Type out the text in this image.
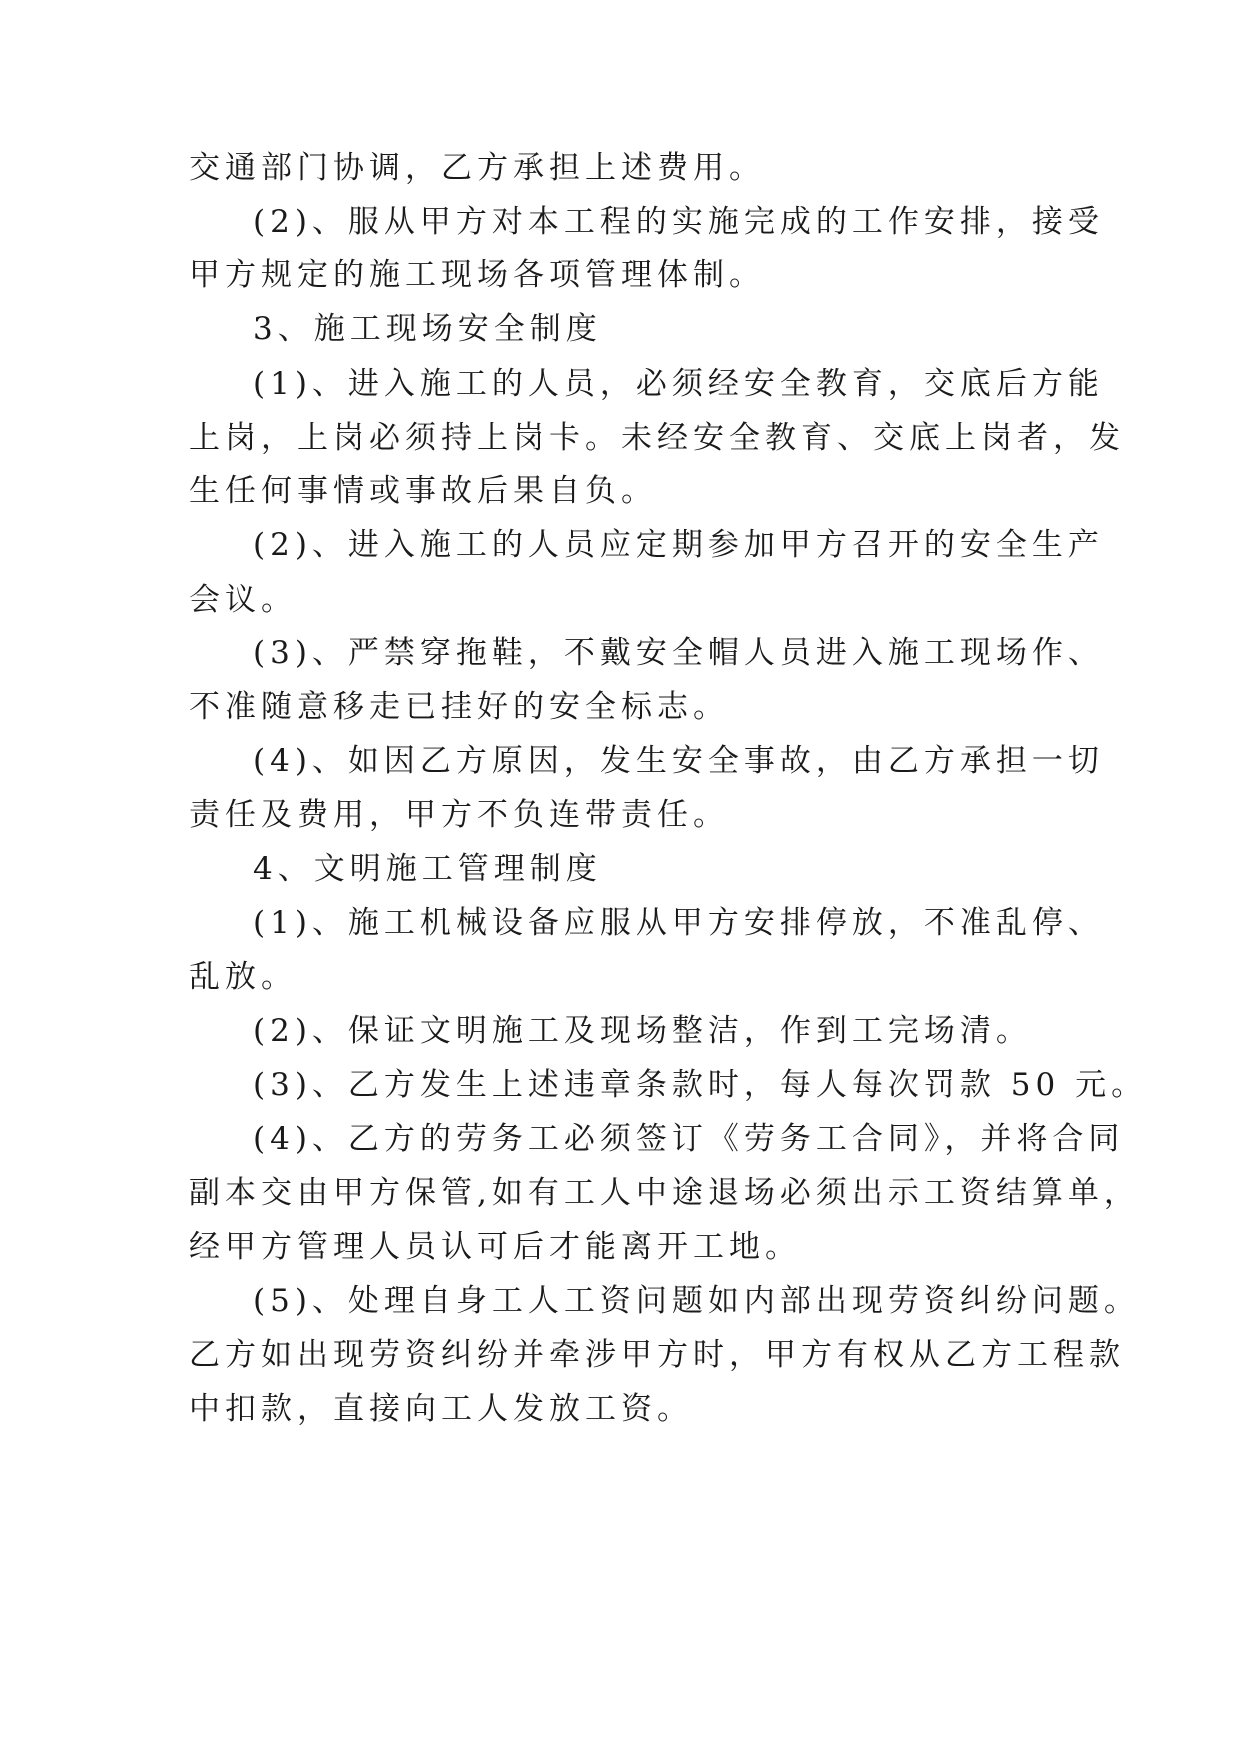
交通部门协调，乙方承担上述费用。
(2)、服从甲方对本工程的实施完成的工作安排，接受
甲方规定的施工现场各项管理体制。
3、施工现场安全制度
(1)、进入施工的人员，必须经安全教育，交底后方能
上岗，上岗必须持上岗卡。未经安全教育、交底上岗者，发
生任何事情或事故后果自负。
(2)、进入施工的人员应定期参加甲方召开的安全生产
会议。
(3)、严禁穿拖鞋，不戴安全帽人员进入施工现场作、
不准随意移走已挂好的安全标志。
(4)、如因乙方原因，发生安全事故，由乙方承担一切
责任及费用，甲方不负连带责任。
4、文明施工管理制度
(1)、施工机械设备应服从甲方安排停放，不准乱停、
乱放。
(2)、保证文明施工及现场整洁，作到工完场清。
(3)、乙方发生上述违章条款时，每人每次罚款 50 元。
(4)、乙方的劳务工必须签订《劳务工合同》，并将合同
副本交由甲方保管,如有工人中途退场必须出示工资结算单，
经甲方管理人员认可后才能离开工地。
(5)、处理自身工人工资问题如内部出现劳资纠纷问题。
乙方如出现劳资纠纷并牵涉甲方时，甲方有权从乙方工程款
中扣款，直接向工人发放工资。
